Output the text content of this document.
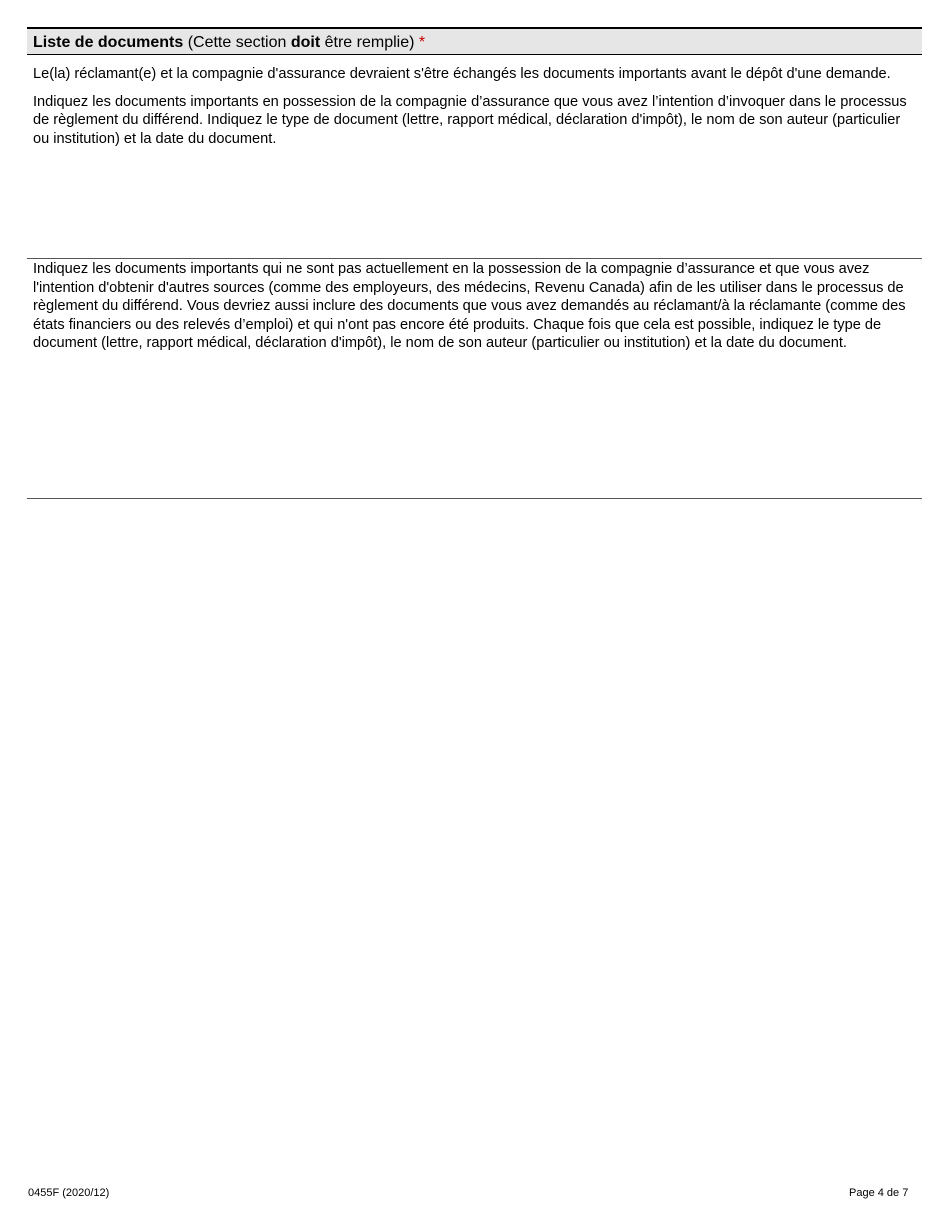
Liste de documents (Cette section doit être remplie) *

Le(la) réclamant(e) et la compagnie d'assurance devraient s'être échangés les documents importants avant le dépôt d'une demande.

Indiquez les documents importants en possession de la compagnie d’assurance que vous avez l’intention d’invoquer dans le processus de règlement du différend. Indiquez le type de document (lettre, rapport médical, déclaration d'impôt), le nom de son auteur (particulier ou institution) et la date du document.

Indiquez les documents importants qui ne sont pas actuellement en la possession de la compagnie d’assurance et que vous avez l'intention d'obtenir d'autres sources (comme des employeurs, des médecins, Revenu Canada) afin de les utiliser dans le processus de règlement du différend. Vous devriez aussi inclure des documents que vous avez demandés au réclamant/à la réclamante (comme des états financiers ou des relevés d’emploi) et qui n'ont pas encore été produits. Chaque fois que cela est possible, indiquez le type de document (lettre, rapport médical, déclaration d'impôt), le nom de son auteur (particulier ou institution) et la date du document.

0455F (2020/12)	Page 4 de 7
